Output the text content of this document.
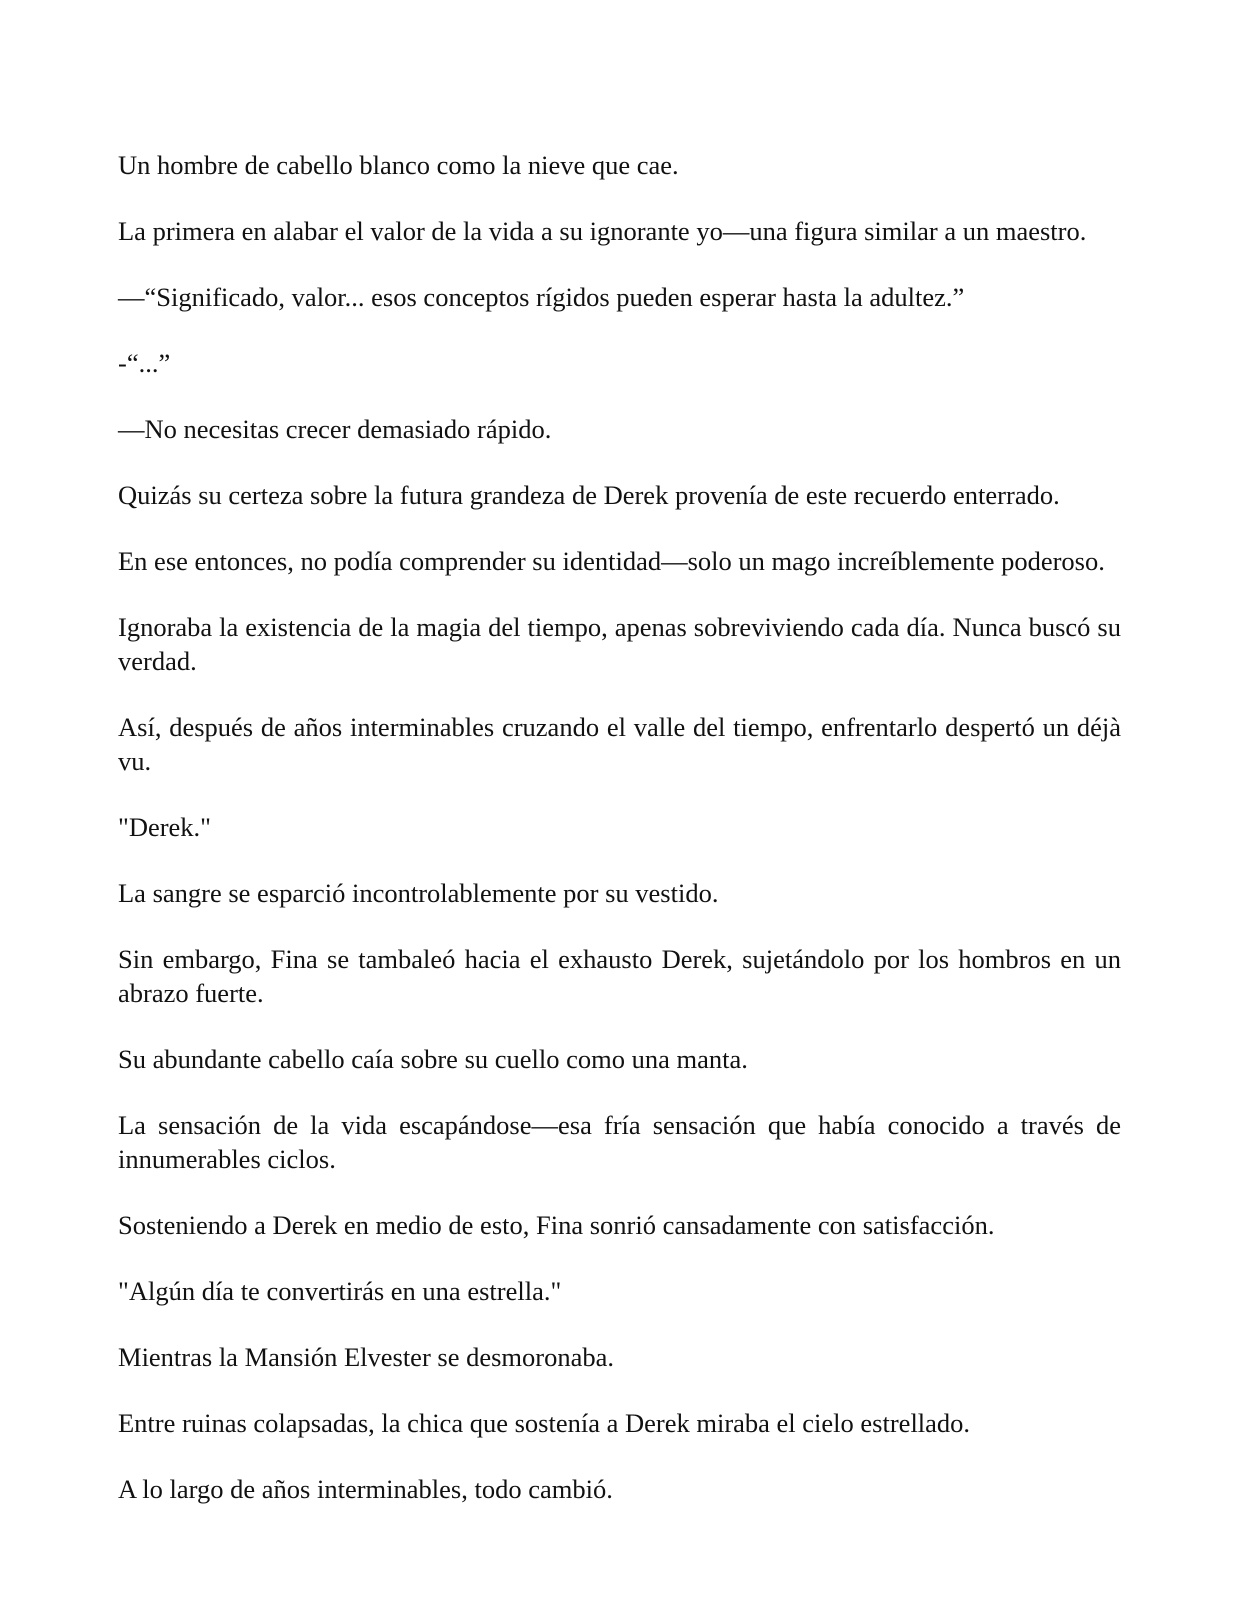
Un hombre de cabello blanco como la nieve que cae.

La primera en alabar el valor de la vida a su ignorante yo—una figura similar a un maestro.

—“Significado, valor... esos conceptos rígidos pueden esperar hasta la adultez.”

-“...”

—No necesitas crecer demasiado rápido.

Quizás su certeza sobre la futura grandeza de Derek provenía de este recuerdo enterrado.

En ese entonces, no podía comprender su identidad—solo un mago increíblemente poderoso.

Ignoraba la existencia de la magia del tiempo, apenas sobreviviendo cada día. Nunca buscó su verdad.

Así, después de años interminables cruzando el valle del tiempo, enfrentarlo despertó un déjà vu.

"Derek."

La sangre se esparció incontrolablemente por su vestido.

Sin embargo, Fina se tambaleó hacia el exhausto Derek, sujetándolo por los hombros en un abrazo fuerte.

Su abundante cabello caía sobre su cuello como una manta.

La sensación de la vida escapándose—esa fría sensación que había conocido a través de innumerables ciclos.

Sosteniendo a Derek en medio de esto, Fina sonrió cansadamente con satisfacción.

"Algún día te convertirás en una estrella."

Mientras la Mansión Elvester se desmoronaba.

Entre ruinas colapsadas, la chica que sostenía a Derek miraba el cielo estrellado.

A lo largo de años interminables, todo cambió.
